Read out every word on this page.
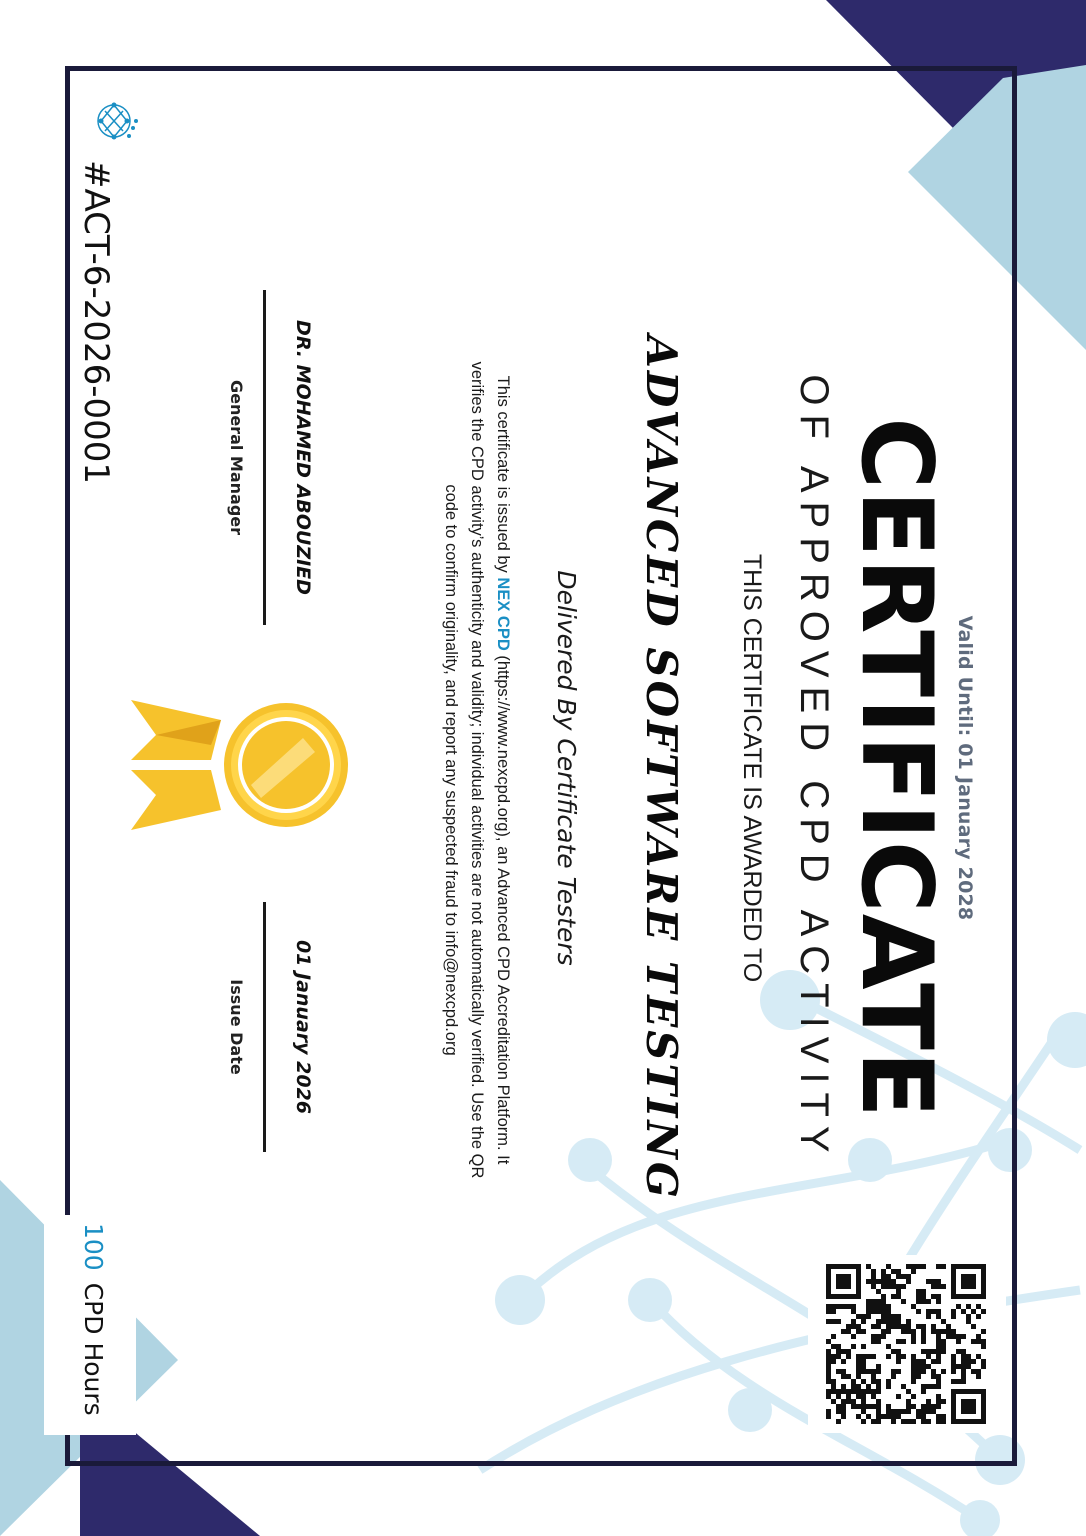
Valid Until: 01 January 2028
CERTIFICATE
OF APPROVED CPD ACTIVITY
THIS CERTIFICATE IS AWARDED TO
ADVANCED SOFTWARE TESTING
Delivered By Certificate Testers
This certificate is issued by NEX CPD (https://www.nexcpd.org), an Advanced CPD Accreditation Platform. It verifies the CPD activity’s authenticity and validity; individual activities are not automatically verified. Use the QR code to confirm originality, and report any suspected fraud to info@nexcpd.org
DR. MOHAMED ABOUZIED
General Manager
01 January 2026
Issue Date
#ACT-6-2026-0001
100CPD Hours
